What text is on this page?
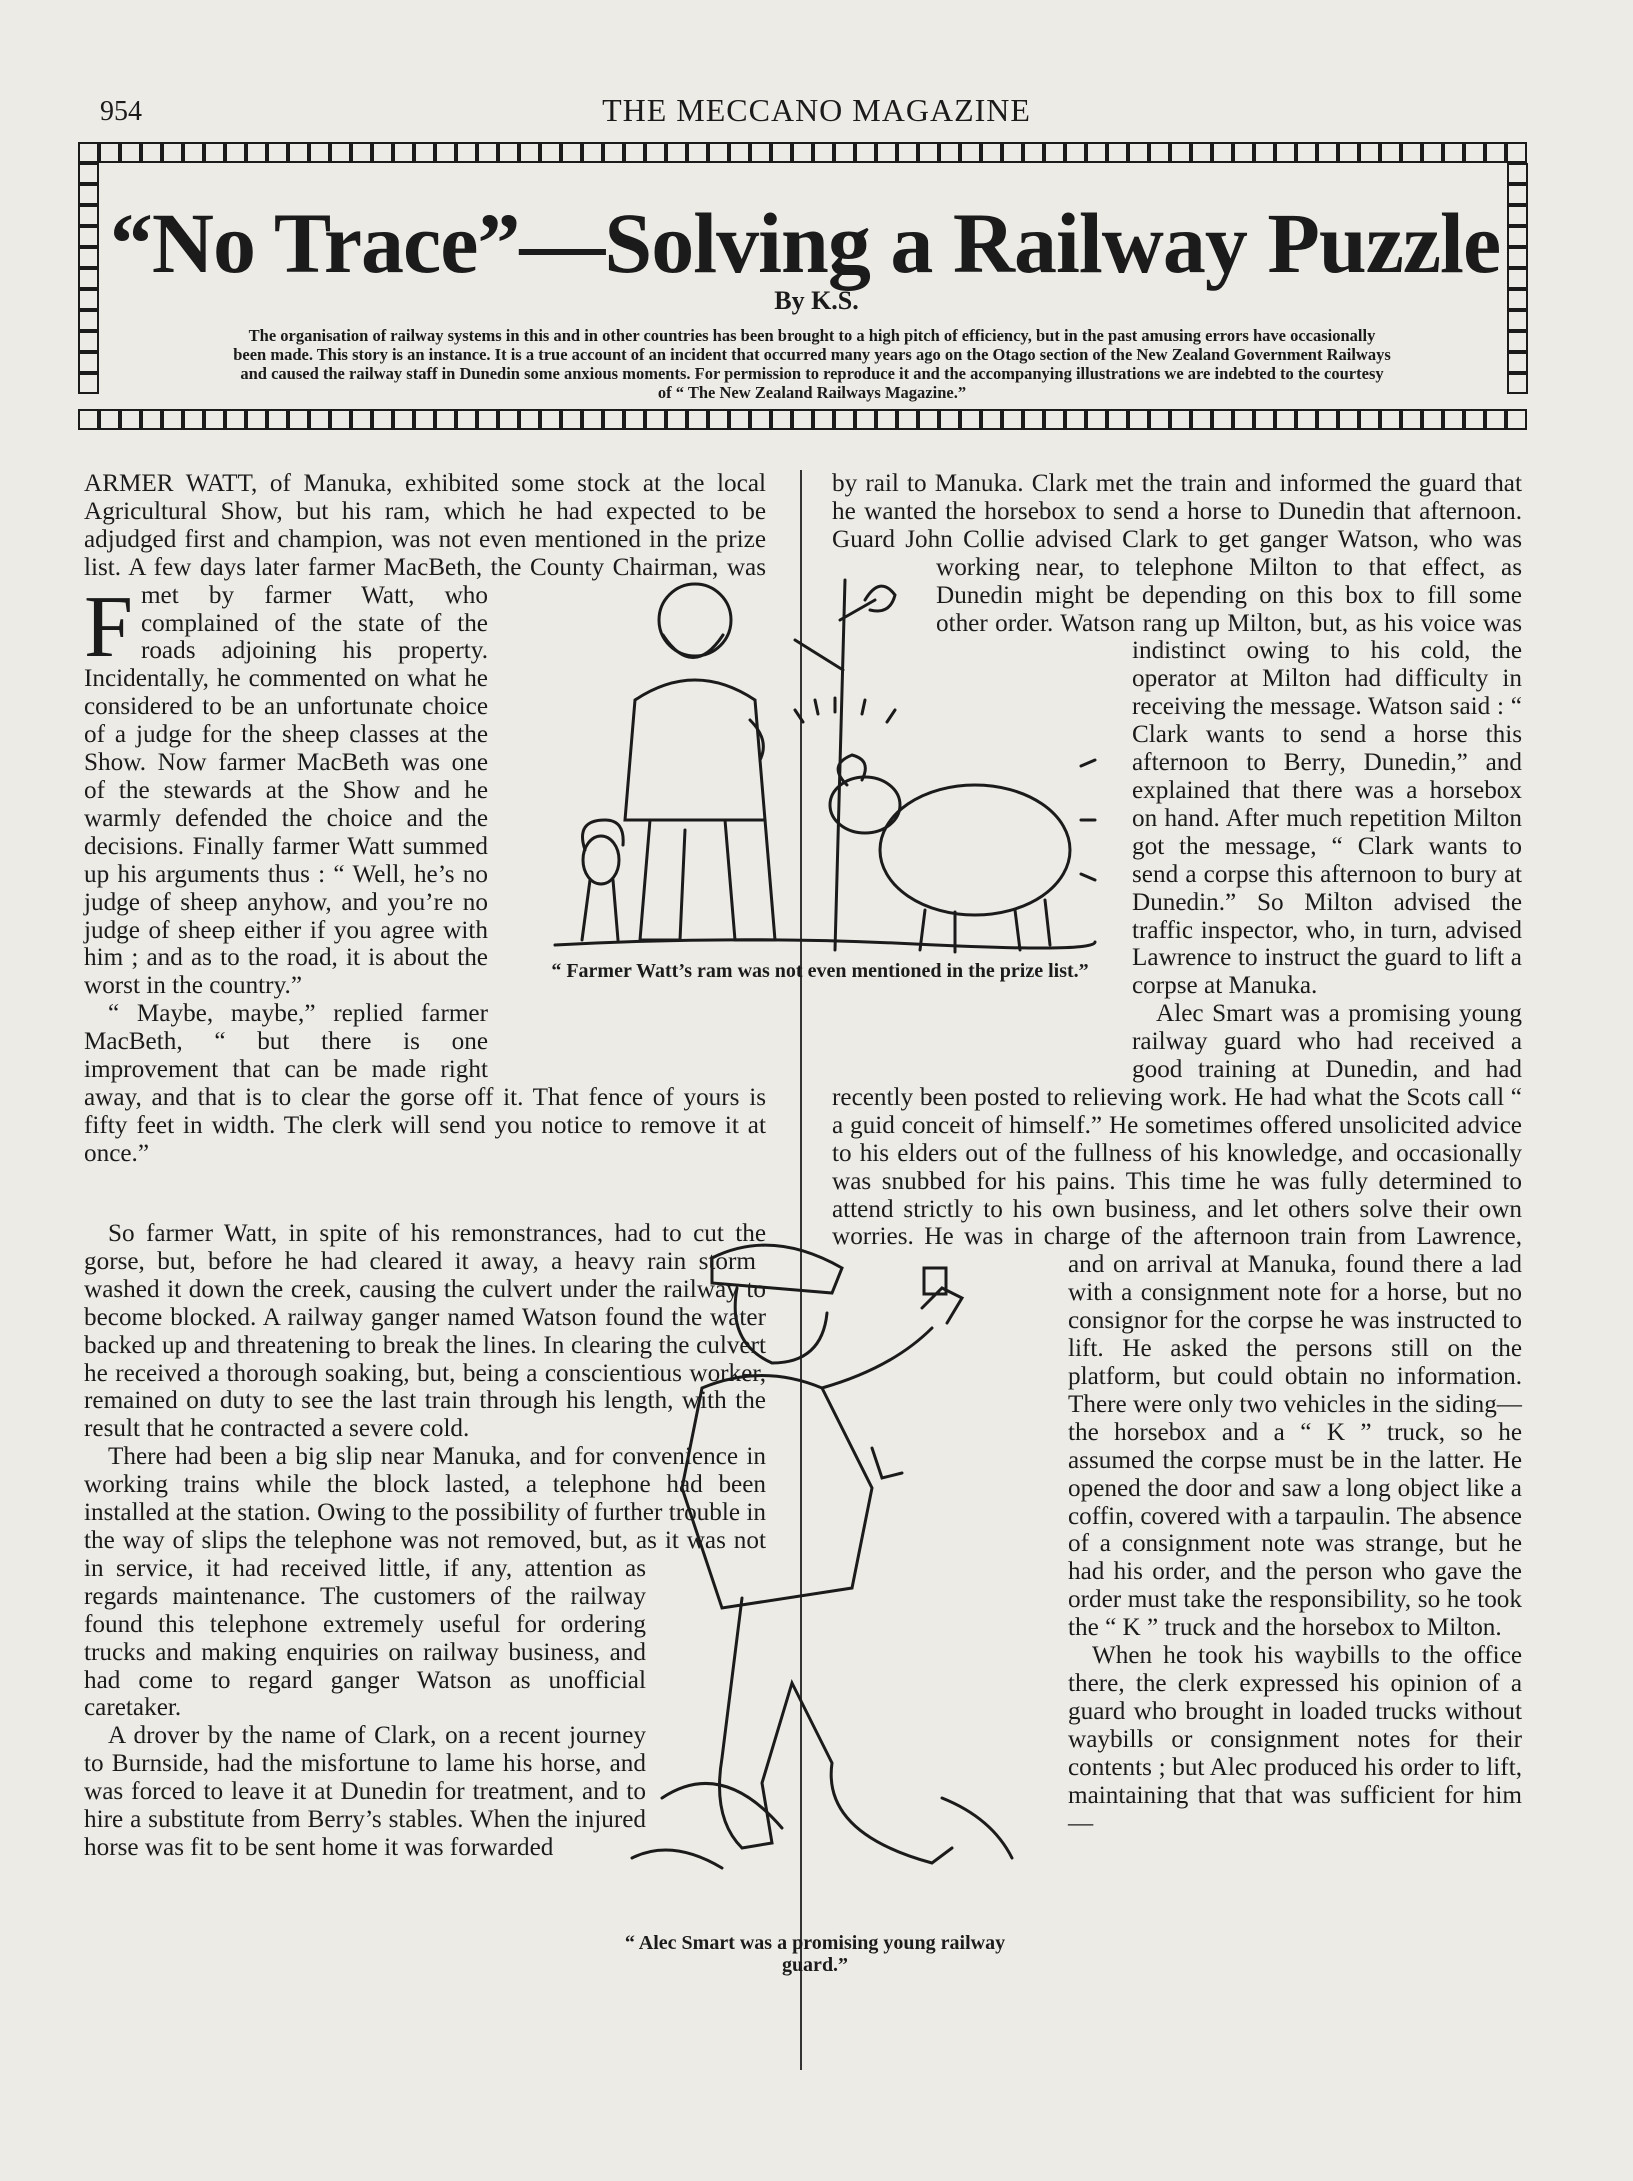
954	THE MECCANO MAGAZINE
“No Trace”—Solving a Railway Puzzle
By K.S.
The organisation of railway systems in this and in other countries has been brought to a high pitch of efficiency, but in the past amusing errors have occasionally been made. This story is an instance. It is a true account of an incident that occurred many years ago on the Otago section of the New Zealand Government Railways and caused the railway staff in Dunedin some anxious moments. For permission to reproduce it and the accompanying illustrations we are indebted to the courtesy of “ The New Zealand Railways Magazine.”

F
ARMER WATT, of Manuka, exhibited some stock at the local Agricultural Show, but his ram, which he had expected to be adjudged first and champion, was not even mentioned in the prize list. A few days later farmer MacBeth, the County Chairman, was met by farmer Watt, who complained of the state of the roads adjoining his property. Incidentally, he commented on what he considered to be an unfortunate choice of a judge for the sheep classes at the Show. Now farmer MacBeth was one of the stewards at the Show and he warmly defended the choice and the decisions. Finally farmer Watt summed up his arguments thus : “ Well, he’s no judge of sheep anyhow, and you’re no judge of sheep either if you agree with him ; and as to the road, it is about the worst in the country.”

“ Maybe, maybe,” replied farmer MacBeth, “ but there is one improvement that can be made right away, and that is to clear the gorse off it. That fence of yours is fifty feet in width. The clerk will send you notice to remove it at once.”

So farmer Watt, in spite of his remonstrances, had to cut the gorse, but, before he had cleared it away, a heavy rain storm washed it down the creek, causing the culvert under the railway to become blocked. A railway ganger named Watson found the water backed up and threatening to break the lines. In clearing the culvert he received a thorough soaking, but, being a conscientious worker, remained on duty to see the last train through his length, with the result that he contracted a severe cold.

There had been a big slip near Manuka, and for convenience in working trains while the block lasted, a telephone had been installed at the station. Owing to the possibility of further trouble in the way of slips the telephone was not removed, but, as it was not in service, it had received little, if any, attention as regards maintenance. The customers of the railway found this telephone extremely useful for ordering trucks and making enquiries on railway business, and had come to regard ganger Watson as unofficial caretaker.

A drover by the name of Clark, on a recent journey to Burnside, had the misfortune to lame his horse, and was forced to leave it at Dunedin for treatment, and to hire a substitute from Berry’s stables. When the injured horse was fit to be sent home it was forwarded

by rail to Manuka. Clark met the train and informed the guard that he wanted the horsebox to send a horse to Dunedin that afternoon. Guard John Collie advised Clark to get ganger Watson, who was working near, to telephone Milton to that effect, as Dunedin might be depending on this box to fill some other order. Watson rang up Milton, but, as his voice was indistinct owing to his cold, the operator at Milton had difficulty in receiving the message. Watson said : “ Clark wants to send a horse this afternoon to Berry, Dunedin,” and explained that there was a horsebox on hand. After much repetition Milton got the message, “ Clark wants to send a corpse this afternoon to bury at Dunedin.” So Milton advised the traffic inspector, who, in turn, advised Lawrence to instruct the guard to lift a corpse at Manuka.

Alec Smart was a promising young railway guard who had received a good training at Dunedin, and had recently been posted to relieving work. He had what the Scots call “ a guid conceit of himself.” He sometimes offered unsolicited advice to his elders out of the fullness of his knowledge, and occasionally was snubbed for his pains. This time he was fully determined to attend strictly to his own business, and let others solve their own worries. He was in charge of the afternoon train from Lawrence, and on arrival at Manuka, found there a lad with a consignment note for a horse, but no consignor for the corpse he was instructed to lift. He asked the persons still on the platform, but could obtain no information. There were only two vehicles in the siding—the horsebox and a “ K ” truck, so he assumed the corpse must be in the latter. He opened the door and saw a long object like a coffin, covered with a tarpaulin. The absence of a consignment note was strange, but he had his order, and the person who gave the order must take the responsibility, so he took the “ K ” truck and the horsebox to Milton.

When he took his waybills to the office there, the clerk expressed his opinion of a guard who brought in loaded trucks without waybills or consignment notes for their contents ; but Alec produced his order to lift, maintaining that that was sufficient for him—

“ Farmer Watt’s ram was not even mentioned in the prize list.”
“ Alec Smart was a promising young railway guard.”
